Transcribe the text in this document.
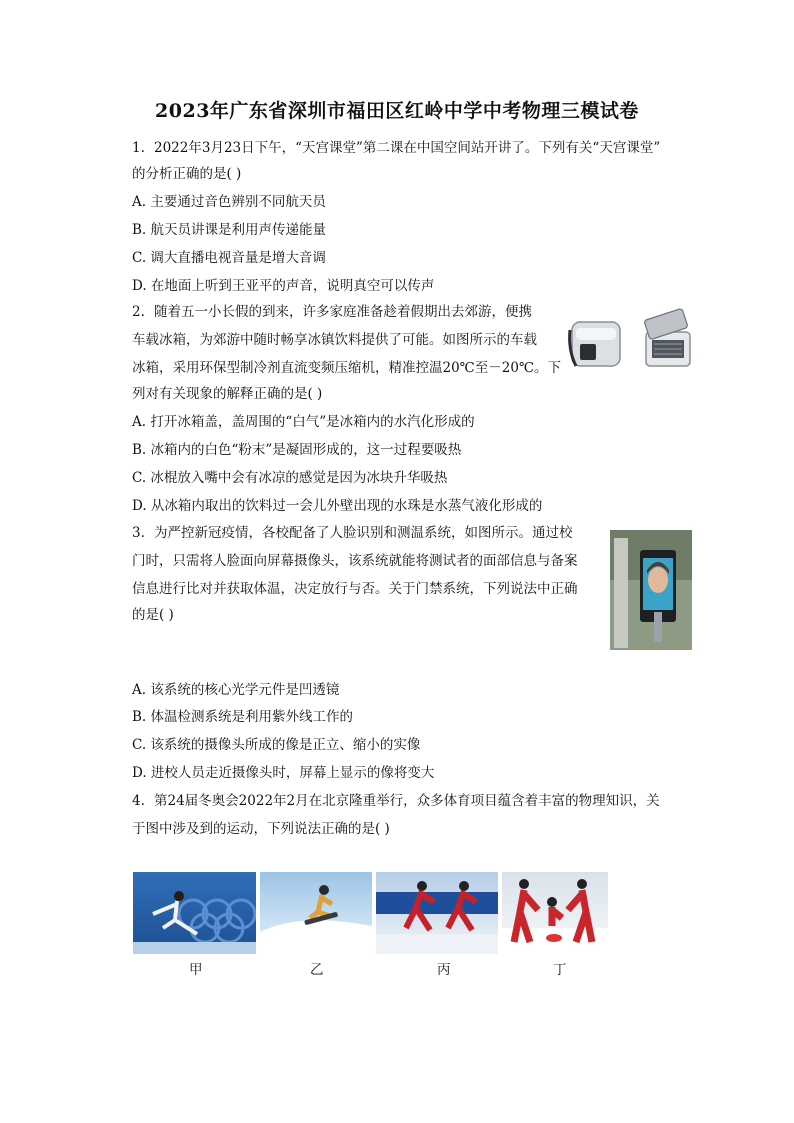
2023年广东省深圳市福田区红岭中学中考物理三模试卷
1. 2022年3月23日下午，“天宫课堂”第二课在中国空间站开讲了。下列有关“天宫课堂”
的分析正确的是( )
A. 主要通过音色辨别不同航天员
B. 航天员讲课是利用声传递能量
C. 调大直播电视音量是增大音调
D. 在地面上听到王亚平的声音，说明真空可以传声
2. 随着五一小长假的到来，许多家庭准备趁着假期出去郊游，便携
车载冰箱，为郊游中随时畅享冰镇饮料提供了可能。如图所示的车载
冰箱，采用环保型制冷剂直流变频压缩机，精准控温20℃至－20℃。下
列对有关现象的解释正确的是( )
A. 打开冰箱盖，盖周围的“白气”是冰箱内的水汽化形成的
B. 冰箱内的白色“粉末”是凝固形成的，这一过程要吸热
C. 冰棍放入嘴中会有冰凉的感觉是因为冰块升华吸热
D. 从冰箱内取出的饮料过一会儿外壁出现的水珠是水蒸气液化形成的
3. 为严控新冠疫情，各校配备了人脸识别和测温系统，如图所示。通过校
门时，只需将人脸面向屏幕摄像头，该系统就能将测试者的面部信息与备案
信息进行比对并获取体温，决定放行与否。关于门禁系统，下列说法中正确
的是( )
A. 该系统的核心光学元件是凹透镜
B. 体温检测系统是利用紫外线工作的
C. 该系统的摄像头所成的像是正立、缩小的实像
D. 进校人员走近摄像头时，屏幕上显示的像将变大
4. 第24届冬奥会2022年2月在北京隆重举行，众多体育项目蕴含着丰富的物理知识，关
于图中涉及到的运动，下列说法正确的是( )
甲	乙	丙	丁
